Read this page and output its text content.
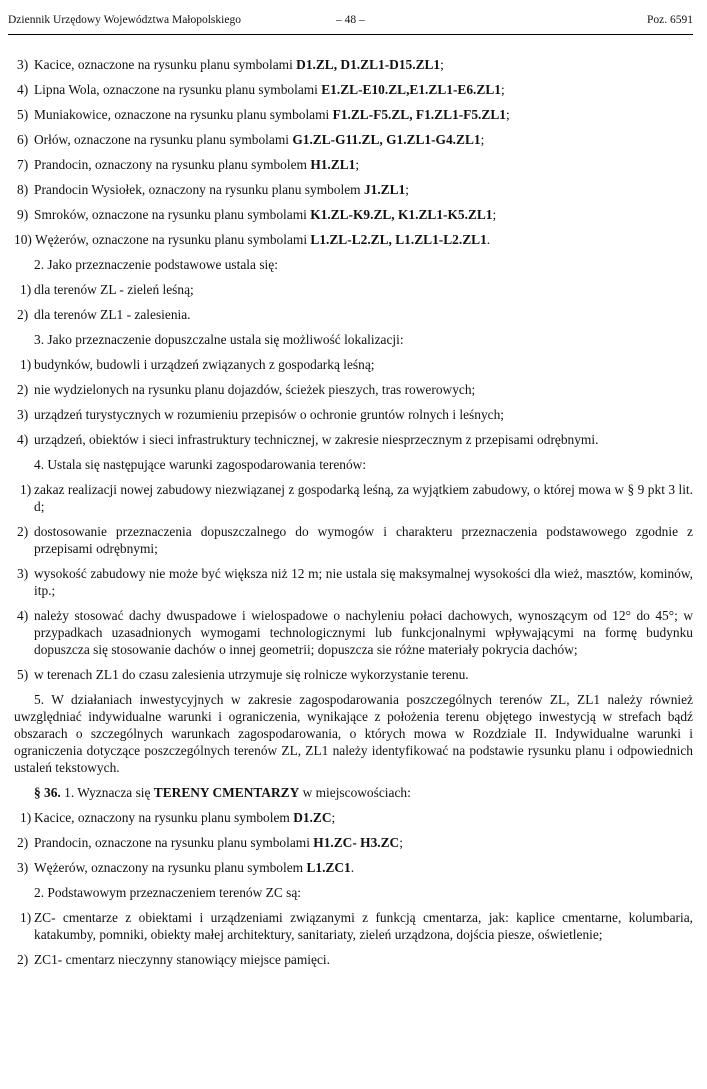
Dziennik Urzędowy Województwa Małopolskiego	– 48 –	Poz. 6591
3) Kacice, oznaczone na rysunku planu symbolami D1.ZL, D1.ZL1-D15.ZL1;
4) Lipna Wola, oznaczone na rysunku planu symbolami E1.ZL-E10.ZL,E1.ZL1-E6.ZL1;
5) Muniakowice, oznaczone na rysunku planu symbolami F1.ZL-F5.ZL, F1.ZL1-F5.ZL1;
6) Orłów, oznaczone na rysunku planu symbolami G1.ZL-G11.ZL, G1.ZL1-G4.ZL1;
7) Prandocin, oznaczony na rysunku planu symbolem H1.ZL1;
8) Prandocin Wysiołek, oznaczony na rysunku planu symbolem J1.ZL1;
9) Smroków, oznaczone na rysunku planu symbolami K1.ZL-K9.ZL, K1.ZL1-K5.ZL1;
10) Wężerów, oznaczone na rysunku planu symbolami L1.ZL-L2.ZL, L1.ZL1-L2.ZL1.
2. Jako przeznaczenie podstawowe ustala się:
1) dla terenów ZL - zieleń leśną;
2) dla terenów ZL1 - zalesienia.
3. Jako przeznaczenie dopuszczalne ustala się możliwość lokalizacji:
1) budynków, budowli i urządzeń związanych z gospodarką leśną;
2) nie wydzielonych na rysunku planu dojazdów, ścieżek pieszych, tras rowerowych;
3) urządzeń turystycznych w rozumieniu przepisów o ochronie gruntów rolnych i leśnych;
4) urządzeń, obiektów i sieci infrastruktury technicznej, w zakresie niesprzecznym z przepisami odrębnymi.
4. Ustala się następujące warunki zagospodarowania terenów:
1) zakaz realizacji nowej zabudowy niezwiązanej z gospodarką leśną, za wyjątkiem zabudowy, o której mowa w § 9 pkt 3 lit. d;
2) dostosowanie przeznaczenia dopuszczalnego do wymogów i charakteru przeznaczenia podstawowego zgodnie z przepisami odrębnymi;
3) wysokość zabudowy nie może być większa niż 12 m; nie ustala się maksymalnej wysokości dla wież, masztów, kominów, itp.;
4) należy stosować dachy dwuspadowe i wielospadowe o nachyleniu połaci dachowych, wynoszącym od 12° do 45°; w przypadkach uzasadnionych wymogami technologicznymi lub funkcjonalnymi wpływającymi na formę budynku dopuszcza się stosowanie dachów o innej geometrii; dopuszcza sie różne materiały pokrycia dachów;
5) w terenach ZL1 do czasu zalesienia utrzymuje się rolnicze wykorzystanie terenu.
5. W działaniach inwestycyjnych w zakresie zagospodarowania poszczególnych terenów ZL, ZL1 należy również uwzględniać indywidualne warunki i ograniczenia, wynikające z położenia terenu objętego inwestycją w strefach bądź obszarach o szczególnych warunkach zagospodarowania, o których mowa w Rozdziale II. Indywidualne warunki i ograniczenia dotyczące poszczególnych terenów ZL, ZL1 należy identyfikować na podstawie rysunku planu i odpowiednich ustaleń tekstowych.
§ 36. 1. Wyznacza się TERENY CMENTARZY w miejscowościach:
1) Kacice, oznaczony na rysunku planu symbolem D1.ZC;
2) Prandocin, oznaczone na rysunku planu symbolami H1.ZC- H3.ZC;
3) Wężerów, oznaczony na rysunku planu symbolem L1.ZC1.
2. Podstawowym przeznaczeniem terenów ZC są:
1) ZC- cmentarze z obiektami i urządzeniami związanymi z funkcją cmentarza, jak: kaplice cmentarne, kolumbaria, katakumby, pomniki, obiekty małej architektury, sanitariaty, zieleń urządzona, dojścia piesze, oświetlenie;
2) ZC1- cmentarz nieczynny stanowiący miejsce pamięci.
